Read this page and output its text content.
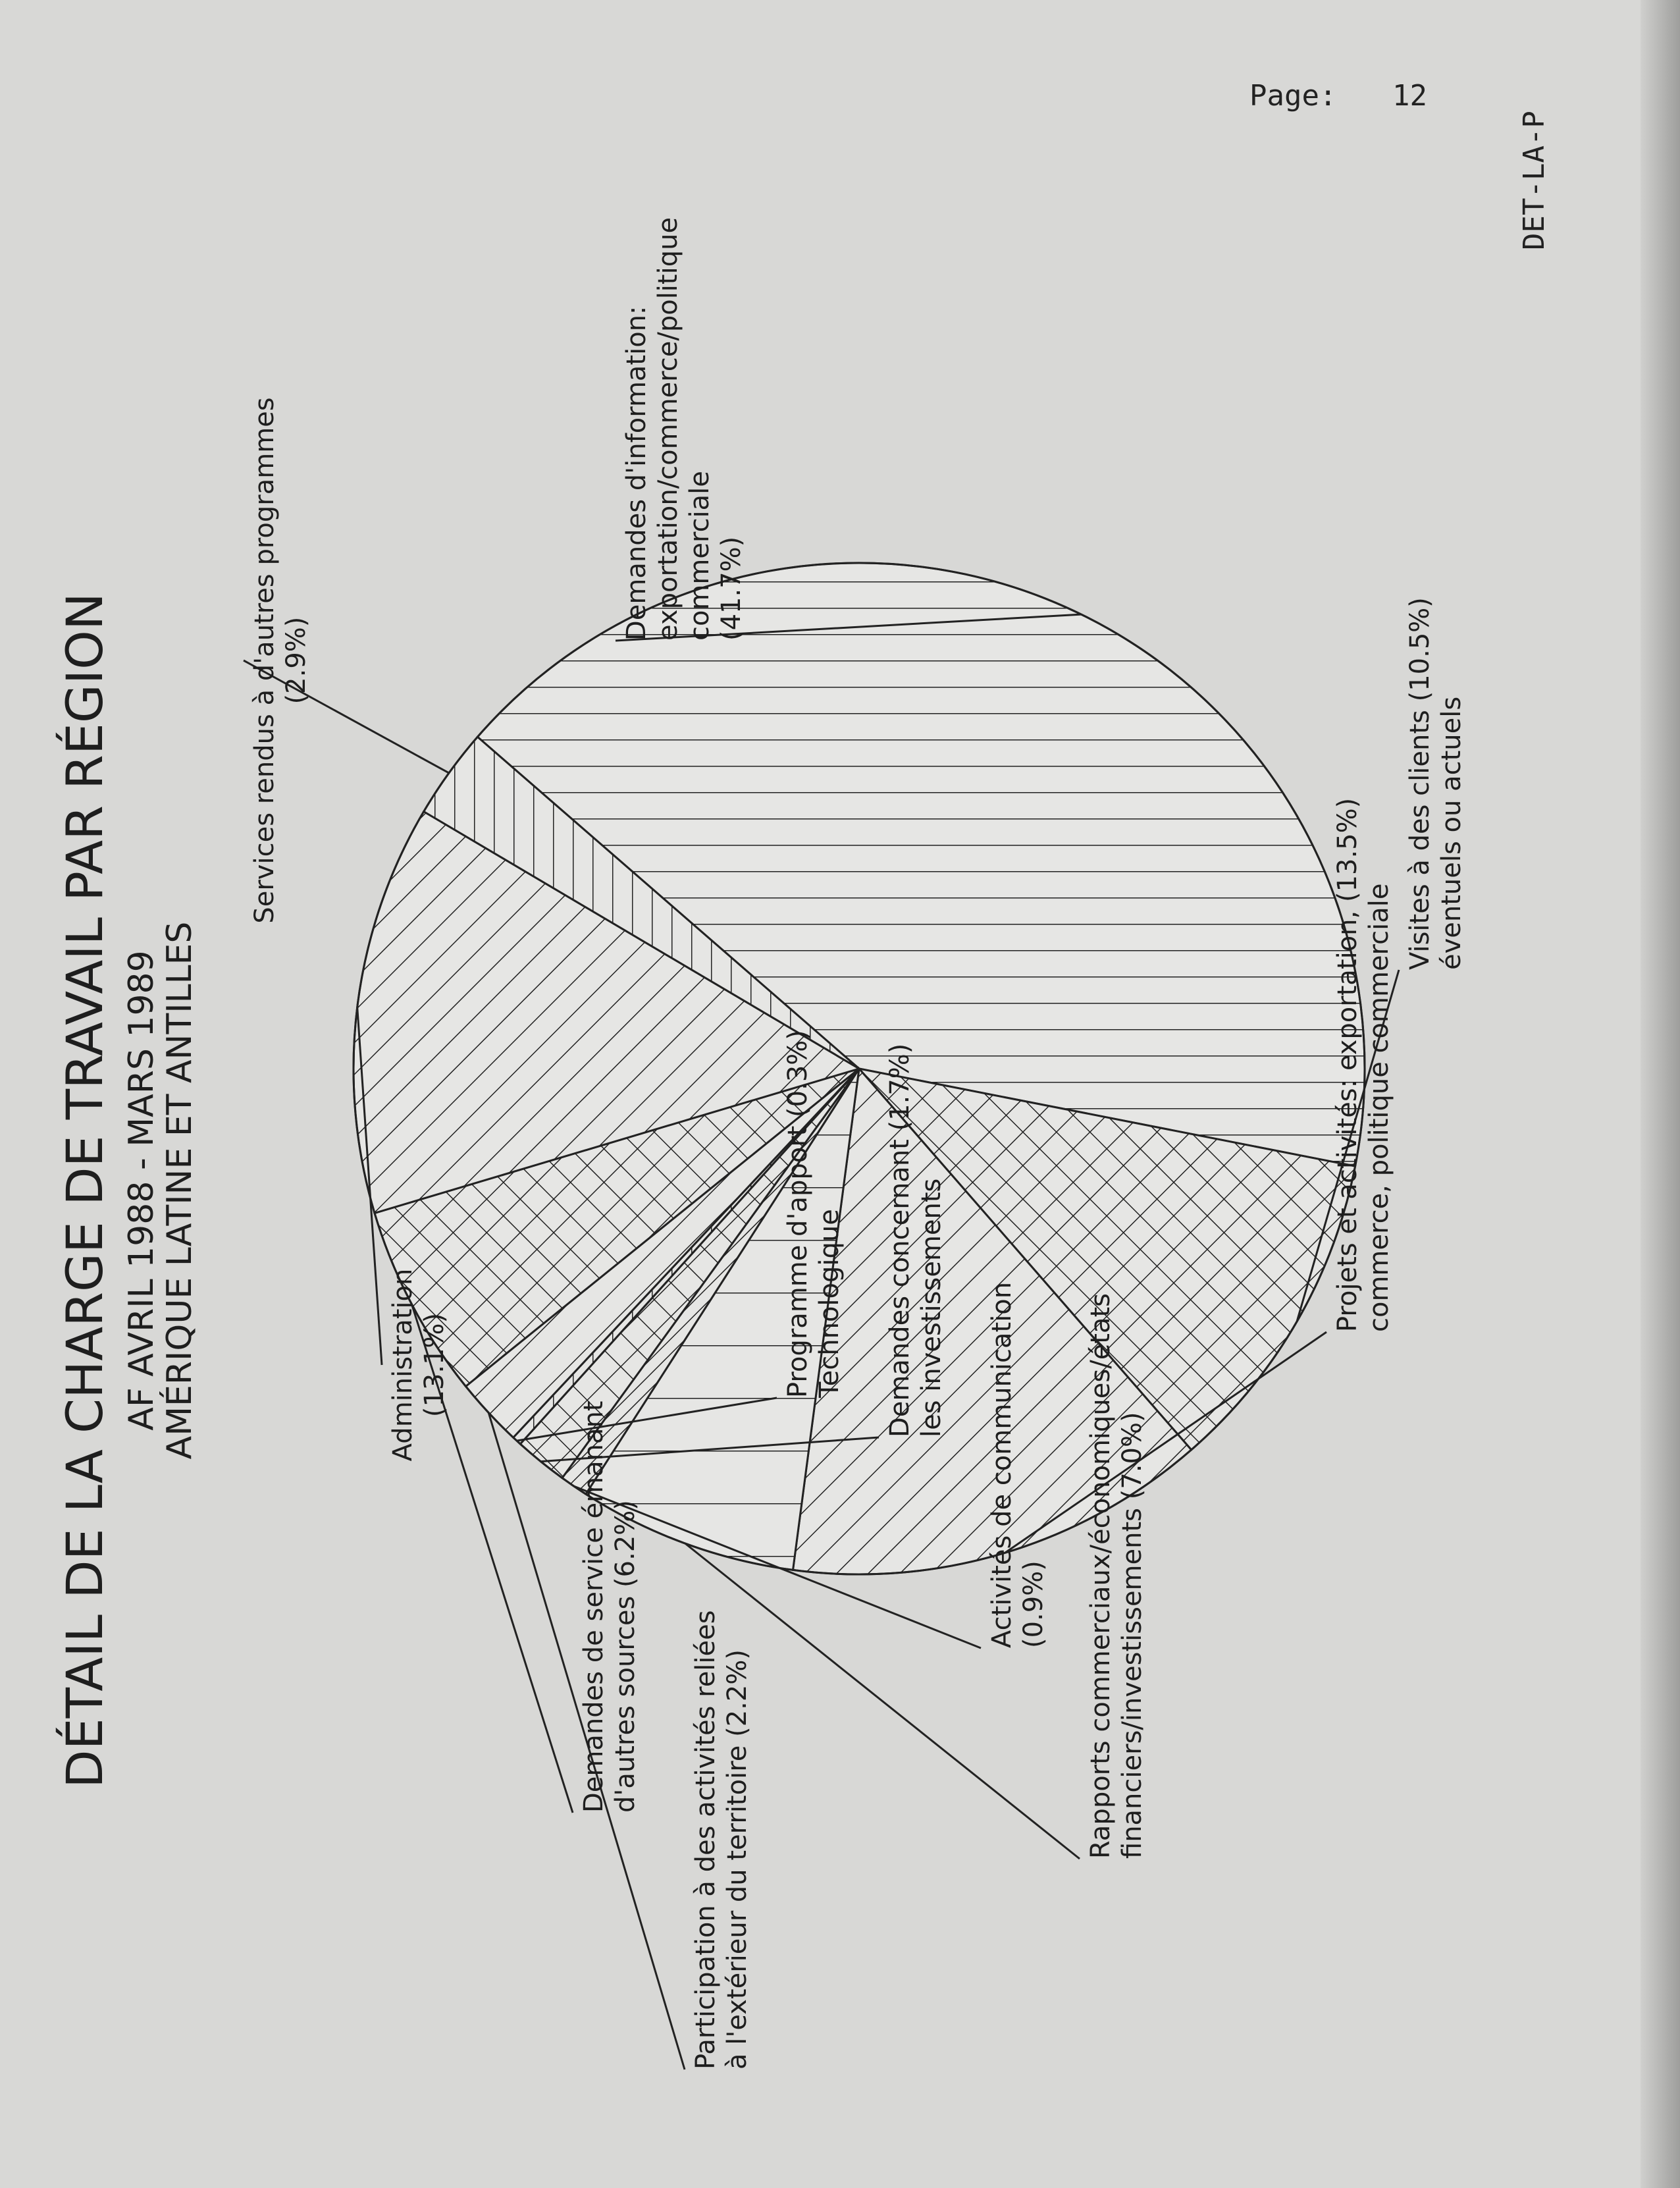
DÉTAIL DE LA CHARGE DE TRAVAIL PAR RÉGION AF AVRIL 1988 - MARS 1989
AMÉRIQUE LATINE ET ANTILLES
Demandes d'information:exportation/commerce/politiquecommerciale(41.7%)
Visites à des clients (10.5%)éventuels ou actuels
Projets et activités: exportation, (13.5%)commerce, politique commerciale
Rapports commerciaux/économiques/étatsfinanciers/investissements (7.0%)
Activités de communication(0.9%)
Demandes concernant (1.7%)les investissements
Programme d'apport (0.3%)Technologique
Participation à des activités reliéesà l'extérieur du territoire (2.2%)
Demandes de service émanantd'autres sources (6.2%)
Administration(13.1%)
Services rendus à d'autres programmes(2.9%)
Page: 12
DET-LA-P
